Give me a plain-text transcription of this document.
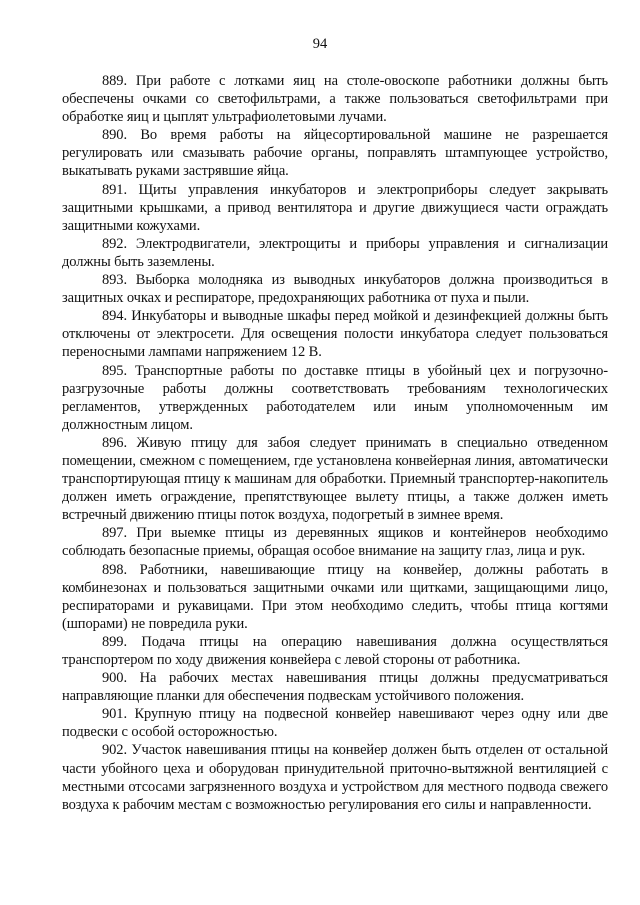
94

889. При работе с лотками яиц на столе-овоскопе работники должны быть обеспечены очками со светофильтрами, а также пользоваться светофильтрами при обработке яиц и цыплят ультрафиолетовыми лучами.

890. Во время работы на яйцесортировальной машине не разрешается регулировать или смазывать рабочие органы, поправлять штампующее устройство, выкатывать руками застрявшие яйца.

891. Щиты управления инкубаторов и электроприборы следует закрывать защитными крышками, а привод вентилятора и другие движущиеся части ограждать защитными кожухами.

892. Электродвигатели, электрощиты и приборы управления и сигнализации должны быть заземлены.

893. Выборка молодняка из выводных инкубаторов должна производиться в защитных очках и респираторе, предохраняющих работника от пуха и пыли.

894. Инкубаторы и выводные шкафы перед мойкой и дезинфекцией должны быть отключены от электросети. Для освещения полости инкубатора следует пользоваться переносными лампами напряжением 12 В.

895. Транспортные работы по доставке птицы в убойный цех и погрузочно-разгрузочные работы должны соответствовать требованиям технологических регламентов, утвержденных работодателем или иным уполномоченным им должностным лицом.

896. Живую птицу для забоя следует принимать в специально отведенном помещении, смежном с помещением, где установлена конвейерная линия, автоматически транспортирующая птицу к машинам для обработки. Приемный транспортер-накопитель должен иметь ограждение, препятствующее вылету птицы, а также должен иметь встречный движению птицы поток воздуха, подогретый в зимнее время.

897. При выемке птицы из деревянных ящиков и контейнеров необходимо соблюдать безопасные приемы, обращая особое внимание на защиту глаз, лица и рук.

898. Работники, навешивающие птицу на конвейер, должны работать в комбинезонах и пользоваться защитными очками или щитками, защищающими лицо, респираторами и рукавицами. При этом необходимо следить, чтобы птица когтями (шпорами) не повредила руки.

899. Подача птицы на операцию навешивания должна осуществляться транспортером по ходу движения конвейера с левой стороны от работника.

900. На рабочих местах навешивания птицы должны предусматриваться направляющие планки для обеспечения подвескам устойчивого положения.

901. Крупную птицу на подвесной конвейер навешивают через одну или две подвески с особой осторожностью.

902. Участок навешивания птицы на конвейер должен быть отделен от остальной части убойного цеха и оборудован принудительной приточно-вытяжной вентиляцией с местными отсосами загрязненного воздуха и устройством для местного подвода свежего воздуха к рабочим местам с возможностью регулирования его силы и направленности.
